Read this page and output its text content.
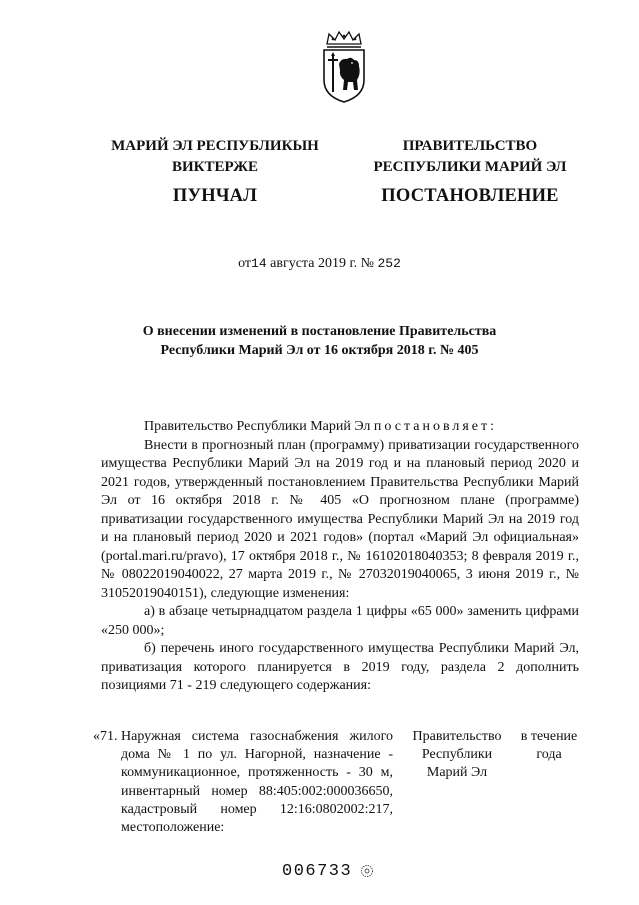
МАРИЙ ЭЛ РЕСПУБЛИКЫН
ВИКТЕРЖЕ
ПУНЧАЛ
ПРАВИТЕЛЬСТВО
РЕСПУБЛИКИ МАРИЙ ЭЛ
ПОСТАНОВЛЕНИЕ
от14 августа 2019 г. № 252
О внесении изменений в постановление Правительства
Республики Марий Эл от 16 октября 2018 г. № 405

Правительство Республики Марий Эл постановляет:

Внести в прогнозный план (программу) приватизации государственного имущества Республики Марий Эл на 2019 год и на плановый период 2020 и 2021 годов, утвержденный постановлением Правительства Республики Марий Эл от 16 октября 2018 г. № 405 «О прогнозном плане (программе) приватизации государственного имущества Республики Марий Эл на 2019 год и на плановый период 2020 и 2021 годов» (портал «Марий Эл официальная» (portal.mari.ru/pravo), 17 октября 2018 г., № 16102018040353; 8 февраля 2019 г., № 08022019040022, 27 марта 2019 г., № 27032019040065, 3 июня 2019 г., № 31052019040151), следующие изменения:

а) в абзаце четырнадцатом раздела 1 цифры «65 000» заменить цифрами «250 000»;

б) перечень иного государственного имущества Республики Марий Эл, приватизация которого планируется в 2019 году, раздела 2 дополнить позициями 71 - 219 следующего содержания:

«71. Наружная система газоснабжения жилого дома № 1 по ул. Нагорной, назначение - коммуникационное, протяженность - 30 м, инвентарный номер 88:405:002:000036650, кадастровый номер 12:16:0802002:217, местоположение:
Правительство
Республики
Марий Эл
в течение
года
006733
